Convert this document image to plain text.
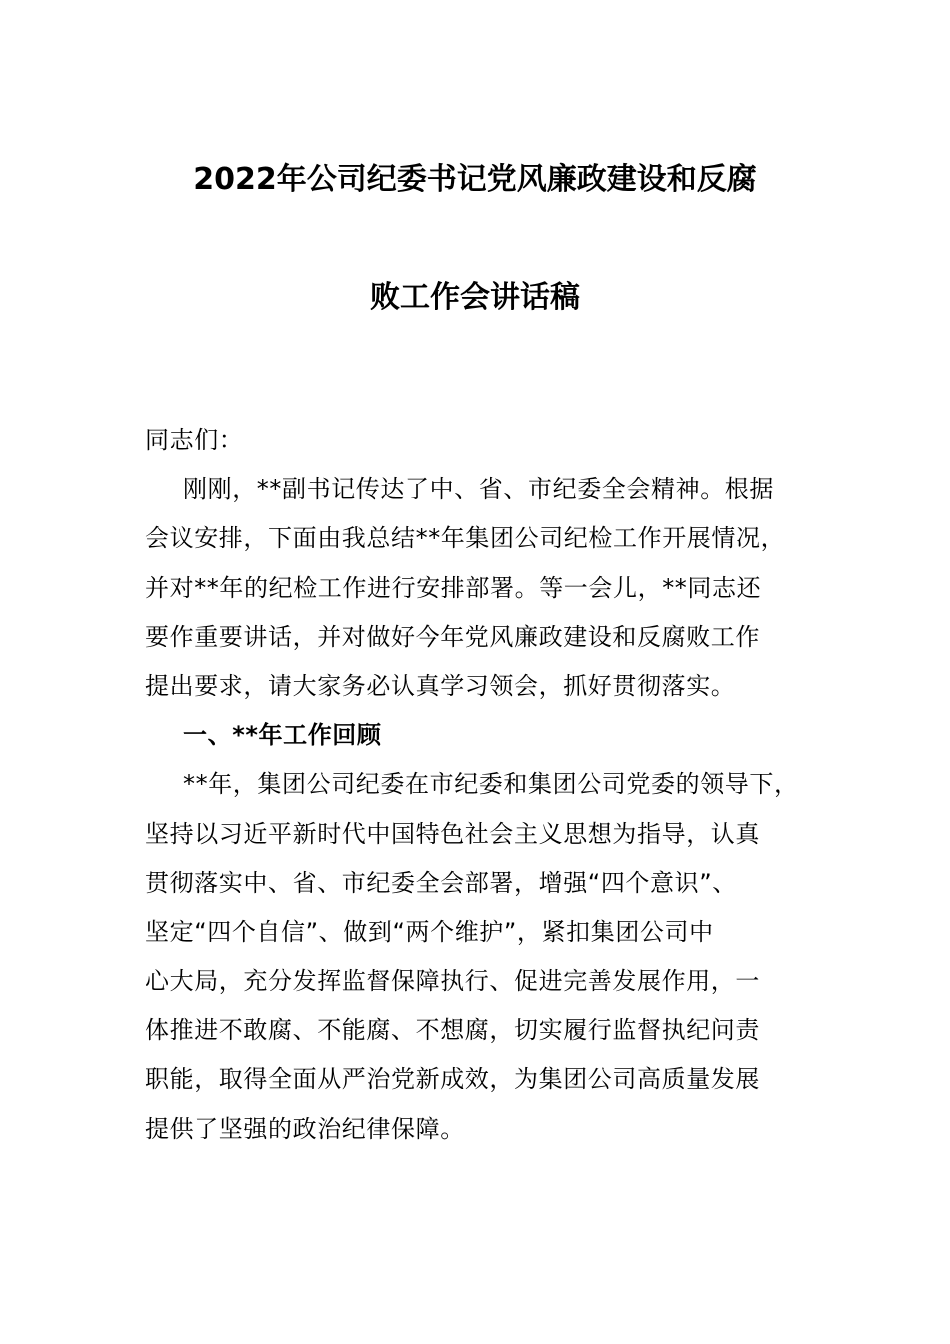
2022年公司纪委书记党风廉政建设和反腐
败工作会讲话稿
同志们：
刚刚，**副书记传达了中、省、市纪委全会精神。根据
会议安排，下面由我总结**年集团公司纪检工作开展情况，
并对**年的纪检工作进行安排部署。等一会儿，**同志还
要作重要讲话，并对做好今年党风廉政建设和反腐败工作
提出要求，请大家务必认真学习领会，抓好贯彻落实。
一、**年工作回顾
**年，集团公司纪委在市纪委和集团公司党委的领导下，
坚持以习近平新时代中国特色社会主义思想为指导，认真
贯彻落实中、省、市纪委全会部署，增强“四个意识”、
坚定“四个自信”、做到“两个维护”，紧扣集团公司中
心大局，充分发挥监督保障执行、促进完善发展作用，一
体推进不敢腐、不能腐、不想腐，切实履行监督执纪问责
职能，取得全面从严治党新成效，为集团公司高质量发展
提供了坚强的政治纪律保障。
